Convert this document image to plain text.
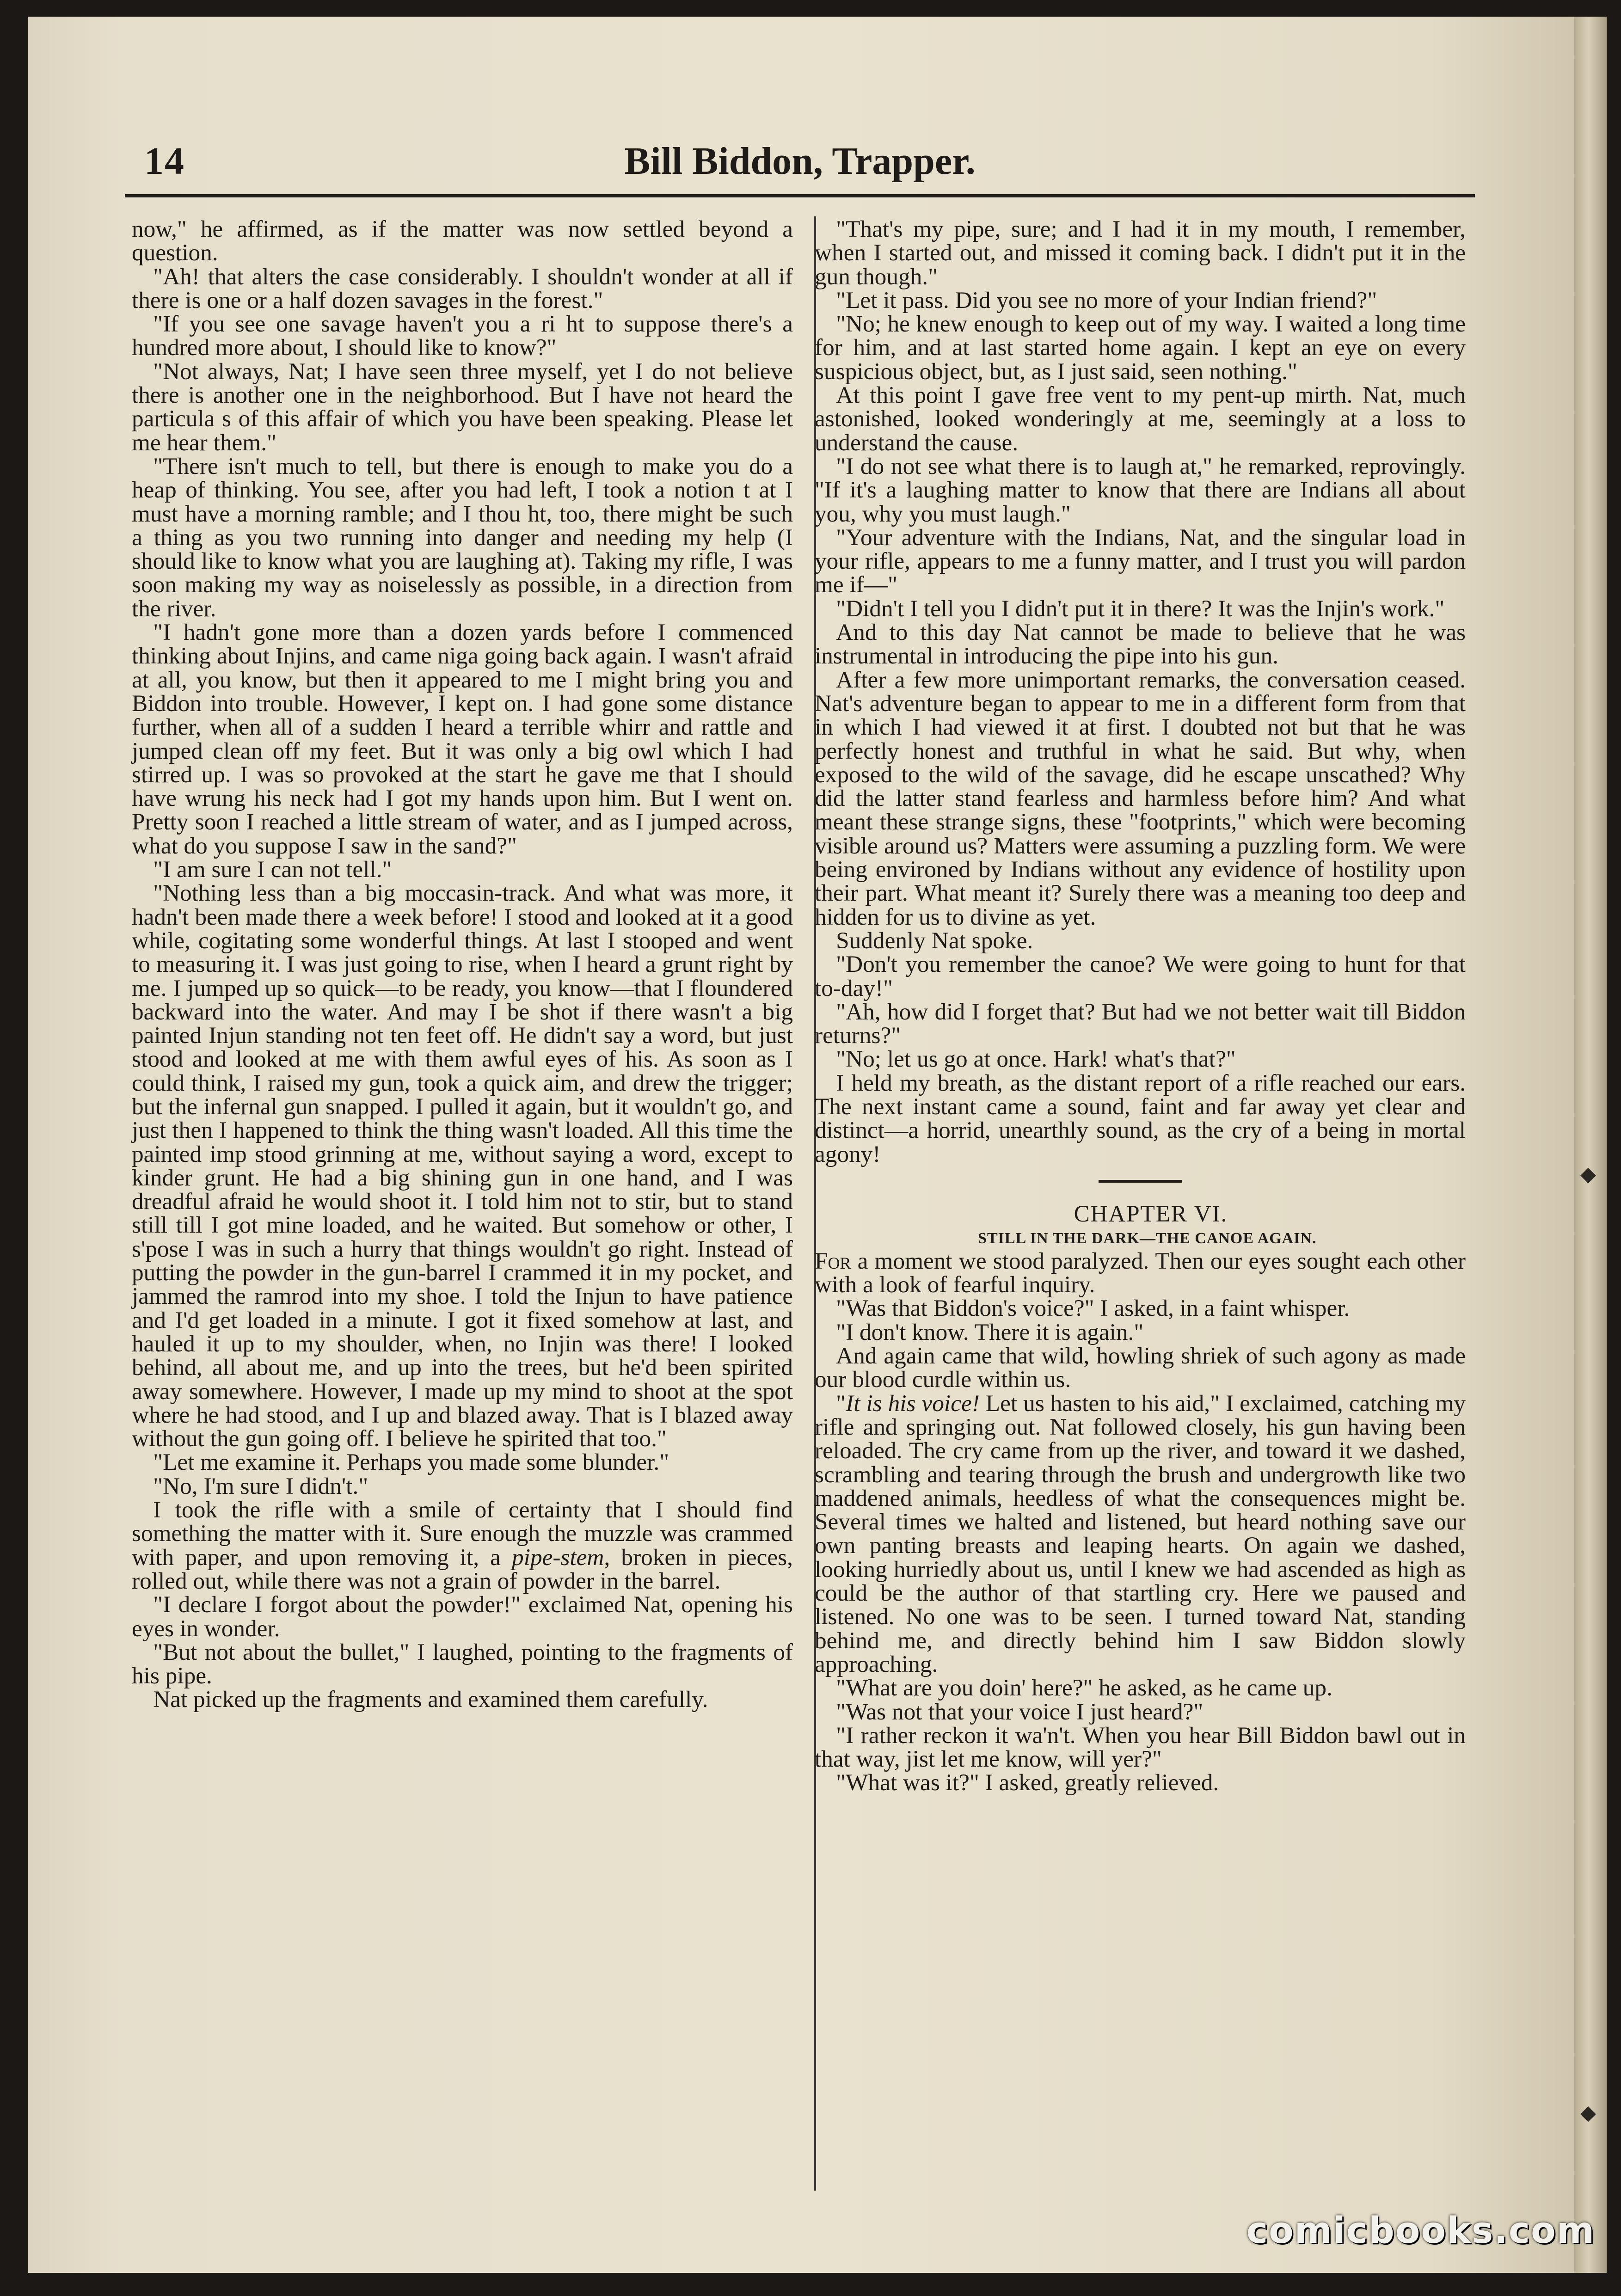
◆
◆
14	Bill Biddon, Trapper.

now," he affirmed, as if the matter was now settled beyond a question.

"Ah! that alters the case considerably. I shouldn't wonder at all if there is one or a half dozen savages in the forest."

"If you see one savage haven't you a ri ht to suppose there's a hundred more about, I should like to know?"

"Not always, Nat; I have seen three myself, yet I do not believe there is another one in the neighborhood. But I have not heard the particula s of this affair of which you have been speaking. Please let me hear them."

"There isn't much to tell, but there is enough to make you do a heap of thinking. You see, after you had left, I took a notion t at I must have a morning ramble; and I thou ht, too, there might be such a thing as you two running into danger and needing my help (I should like to know what you are laughing at). Taking my rifle, I was soon making my way as noiselessly as possible, in a direction from the river.

"I hadn't gone more than a dozen yards before I commenced thinking about Injins, and came niga going back again. I wasn't afraid at all, you know, but then it appeared to me I might bring you and Biddon into trouble. However, I kept on. I had gone some distance further, when all of a sudden I heard a terrible whirr and rattle and jumped clean off my feet. But it was only a big owl which I had stirred up. I was so provoked at the start he gave me that I should have wrung his neck had I got my hands upon him. But I went on. Pretty soon I reached a little stream of water, and as I jumped across, what do you suppose I saw in the sand?"

"I am sure I can not tell."

"Nothing less than a big moccasin-track. And what was more, it hadn't been made there a week before! I stood and looked at it a good while, cogitating some wonderful things. At last I stooped and went to measuring it. I was just going to rise, when I heard a grunt right by me. I jumped up so quick—to be ready, you know—that I floundered backward into the water. And may I be shot if there wasn't a big painted Injun standing not ten feet off. He didn't say a word, but just stood and looked at me with them awful eyes of his. As soon as I could think, I raised my gun, took a quick aim, and drew the trigger; but the infernal gun snapped. I pulled it again, but it wouldn't go, and just then I happened to think the thing wasn't loaded. All this time the painted imp stood grinning at me, without saying a word, except to kinder grunt. He had a big shining gun in one hand, and I was dreadful afraid he would shoot it. I told him not to stir, but to stand still till I got mine loaded, and he waited. But somehow or other, I s'pose I was in such a hurry that things wouldn't go right. Instead of putting the powder in the gun-barrel I crammed it in my pocket, and jammed the ramrod into my shoe. I told the Injun to have patience and I'd get loaded in a minute. I got it fixed somehow at last, and hauled it up to my shoulder, when, no Injin was there! I looked behind, all about me, and up into the trees, but he'd been spirited away somewhere. However, I made up my mind to shoot at the spot where he had stood, and I up and blazed away. That is I blazed away without the gun going off. I believe he spirited that too."

"Let me examine it. Perhaps you made some blunder."

"No, I'm sure I didn't."

I took the rifle with a smile of certainty that I should find something the matter with it. Sure enough the muzzle was crammed with paper, and upon removing it, a pipe-stem, broken in pieces, rolled out, while there was not a grain of powder in the barrel.

"I declare I forgot about the powder!" exclaimed Nat, opening his eyes in wonder.

"But not about the bullet," I laughed, pointing to the fragments of his pipe.

Nat picked up the fragments and examined them carefully.

"That's my pipe, sure; and I had it in my mouth, I remember, when I started out, and missed it coming back. I didn't put it in the gun though."

"Let it pass. Did you see no more of your Indian friend?"

"No; he knew enough to keep out of my way. I waited a long time for him, and at last started home again. I kept an eye on every suspicious object, but, as I just said, seen nothing."

At this point I gave free vent to my pent-up mirth. Nat, much astonished, looked wonderingly at me, seemingly at a loss to understand the cause.

"I do not see what there is to laugh at," he remarked, reprovingly. "If it's a laughing matter to know that there are Indians all about you, why you must laugh."

"Your adventure with the Indians, Nat, and the singular load in your rifle, appears to me a funny matter, and I trust you will pardon me if—"

"Didn't I tell you I didn't put it in there? It was the Injin's work."

And to this day Nat cannot be made to believe that he was instrumental in introducing the pipe into his gun.

After a few more unimportant remarks, the conversation ceased. Nat's adventure began to appear to me in a different form from that in which I had viewed it at first. I doubted not but that he was perfectly honest and truthful in what he said. But why, when exposed to the wild of the savage, did he escape unscathed? Why did the latter stand fearless and harmless before him? And what meant these strange signs, these "footprints," which were becoming visible around us? Matters were assuming a puzzling form. We were being environed by Indians without any evidence of hostility upon their part. What meant it? Surely there was a meaning too deep and hidden for us to divine as yet.

Suddenly Nat spoke.

"Don't you remember the canoe? We were going to hunt for that to-day!"

"Ah, how did I forget that? But had we not better wait till Biddon returns?"

"No; let us go at once. Hark! what's that?"

I held my breath, as the distant report of a rifle reached our ears. The next instant came a sound, faint and far away yet clear and distinct—a horrid, unearthly sound, as the cry of a being in mortal agony!

CHAPTER VI.

STILL IN THE DARK—THE CANOE AGAIN.

For a moment we stood paralyzed. Then our eyes sought each other with a look of fearful inquiry.

"Was that Biddon's voice?" I asked, in a faint whisper.

"I don't know. There it is again."

And again came that wild, howling shriek of such agony as made our blood curdle within us.

"It is his voice! Let us hasten to his aid," I exclaimed, catching my rifle and springing out. Nat followed closely, his gun having been reloaded. The cry came from up the river, and toward it we dashed, scrambling and tearing through the brush and undergrowth like two maddened animals, heedless of what the consequences might be. Several times we halted and listened, but heard nothing save our own panting breasts and leaping hearts. On again we dashed, looking hurriedly about us, until I knew we had ascended as high as could be the author of that startling cry. Here we paused and listened. No one was to be seen. I turned toward Nat, standing behind me, and directly behind him I saw Biddon slowly approaching.

"What are you doin' here?" he asked, as he came up.

"Was not that your voice I just heard?"

"I rather reckon it wa'n't. When you hear Bill Biddon bawl out in that way, jist let me know, will yer?"

"What was it?" I asked, greatly relieved.

comicbooks.com
